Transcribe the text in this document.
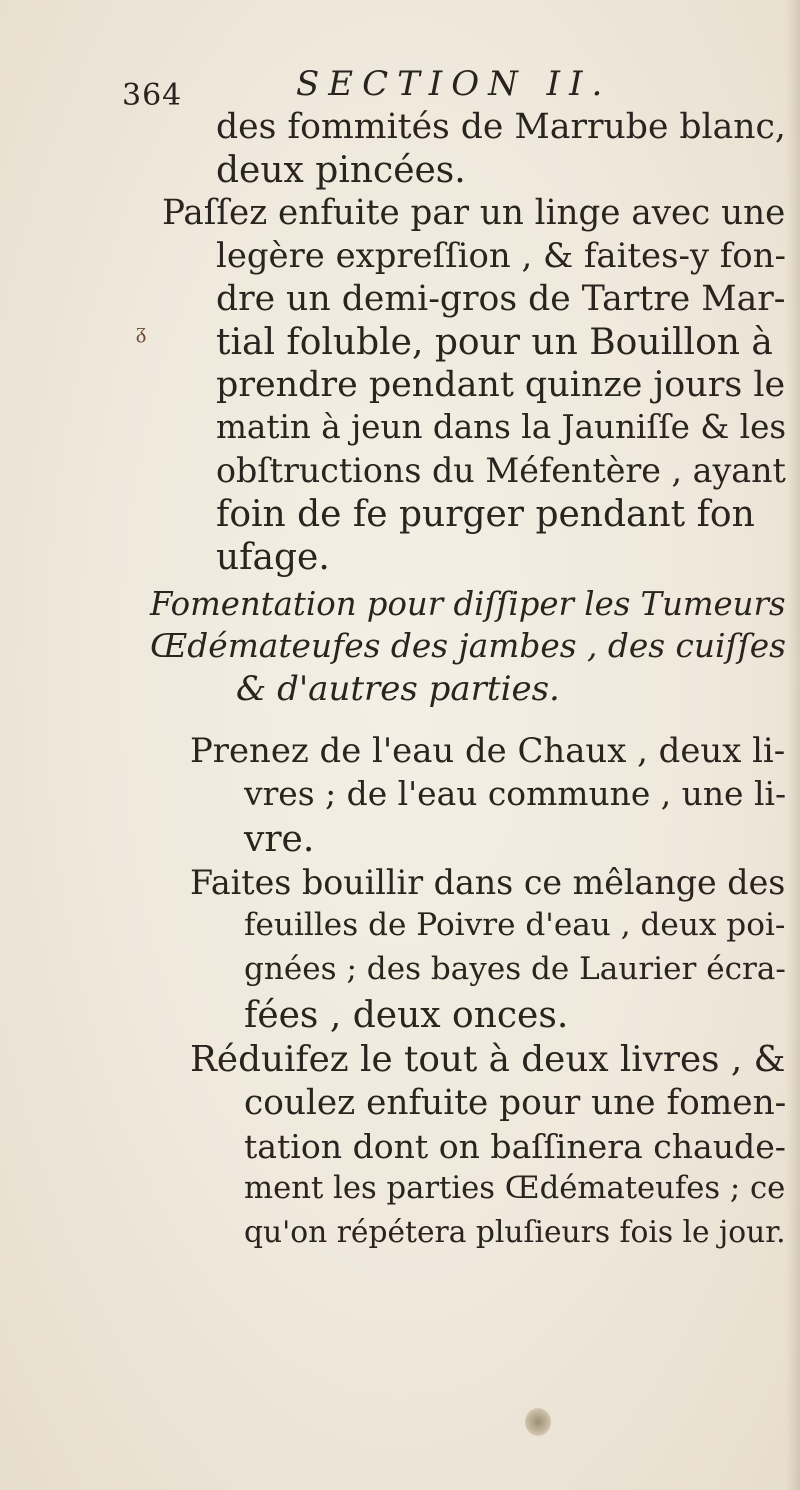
364	SECTION II.
ᵹ
des fommités de Marrube blanc,
deux pincées.
Paſſez enfuite par un linge avec une
legère expreſſion , & faites-y fon-
dre un demi-gros de Tartre Mar-
tial foluble, pour un Bouillon à
prendre pendant quinze jours le
matin à jeun dans la Jauniſſe & les
obſtructions du Méfentère , ayant
foin de fe purger pendant fon
ufage.
Fomentation pour diſſiper les Tumeurs
Œdémateufes des jambes , des cuiſſes
& d'autres parties.
Prenez de l'eau de Chaux , deux li-
vres ; de l'eau commune , une li-
vre.
Faites bouillir dans ce mêlange des
feuilles de Poivre d'eau , deux poi-
gnées ; des bayes de Laurier écra-
fées , deux onces.
Réduifez le tout à deux livres , &
coulez enfuite pour une fomen-
tation dont on baſſinera chaude-
ment les parties Œdémateufes ; ce
qu'on répétera pluſieurs fois le jour.
